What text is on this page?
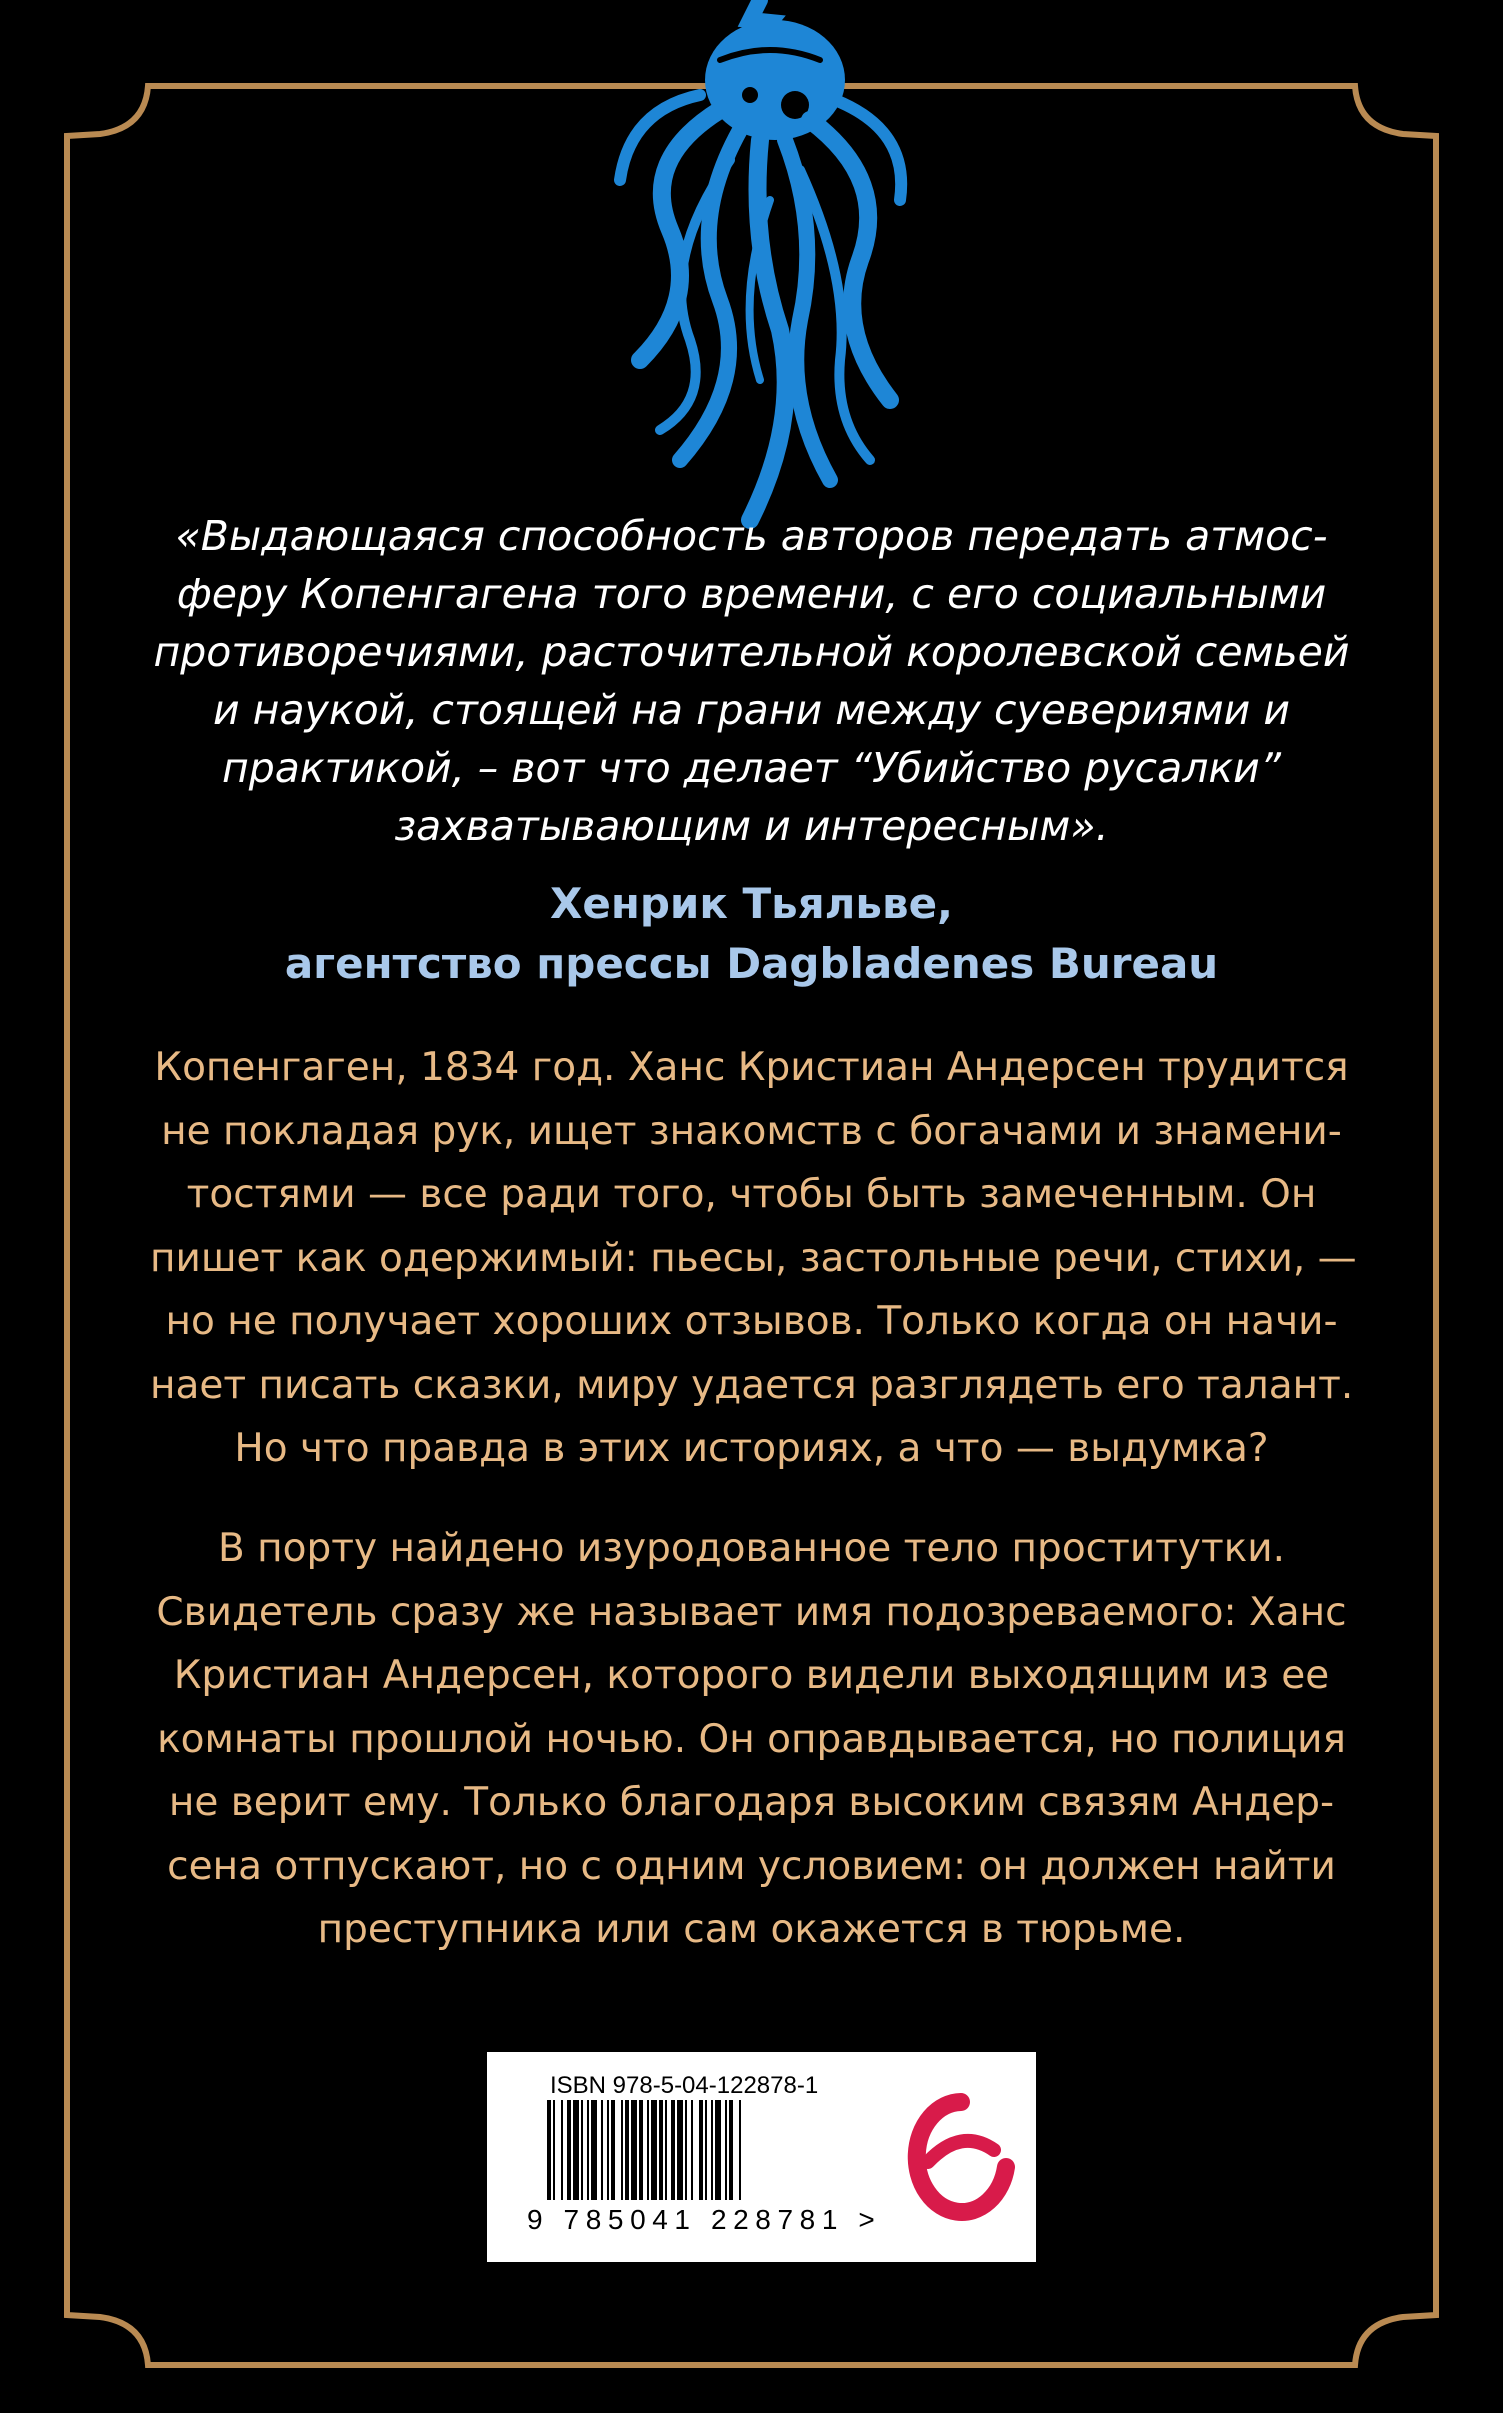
«Выдающаяся способность авторов передать атмос-
феру Копенгагена того времени, с его социальными
противоречиями, расточительной королевской семьей
и наукой, стоящей на грани между суевериями и
практикой, – вот что делает “Убийство русалки”
захватывающим и интересным».
Хенрик Тьяльве,
агентство прессы Dagbladenes Bureau
Копенгаген, 1834 год. Ханс Кристиан Андерсен трудится
не покладая рук, ищет знакомств с богачами и знамени-
тостями — все ради того, чтобы быть замеченным. Он
пишет как одержимый: пьесы, застольные речи, стихи, —
но не получает хороших отзывов. Только когда он начи-
нает писать сказки, миру удается разглядеть его талант.
Но что правда в этих историях, а что — выдумка?
В порту найдено изуродованное тело проститутки.
Свидетель сразу же называет имя подозреваемого: Ханс
Кристиан Андерсен, которого видели выходящим из ее
комнаты прошлой ночью. Он оправдывается, но полиция
не верит ему. Только благодаря высоким связям Андер-
сена отпускают, но с одним условием: он должен найти
преступника или сам окажется в тюрьме.
ISBN 978-5-04-122878-1
9 785041 228781 >
